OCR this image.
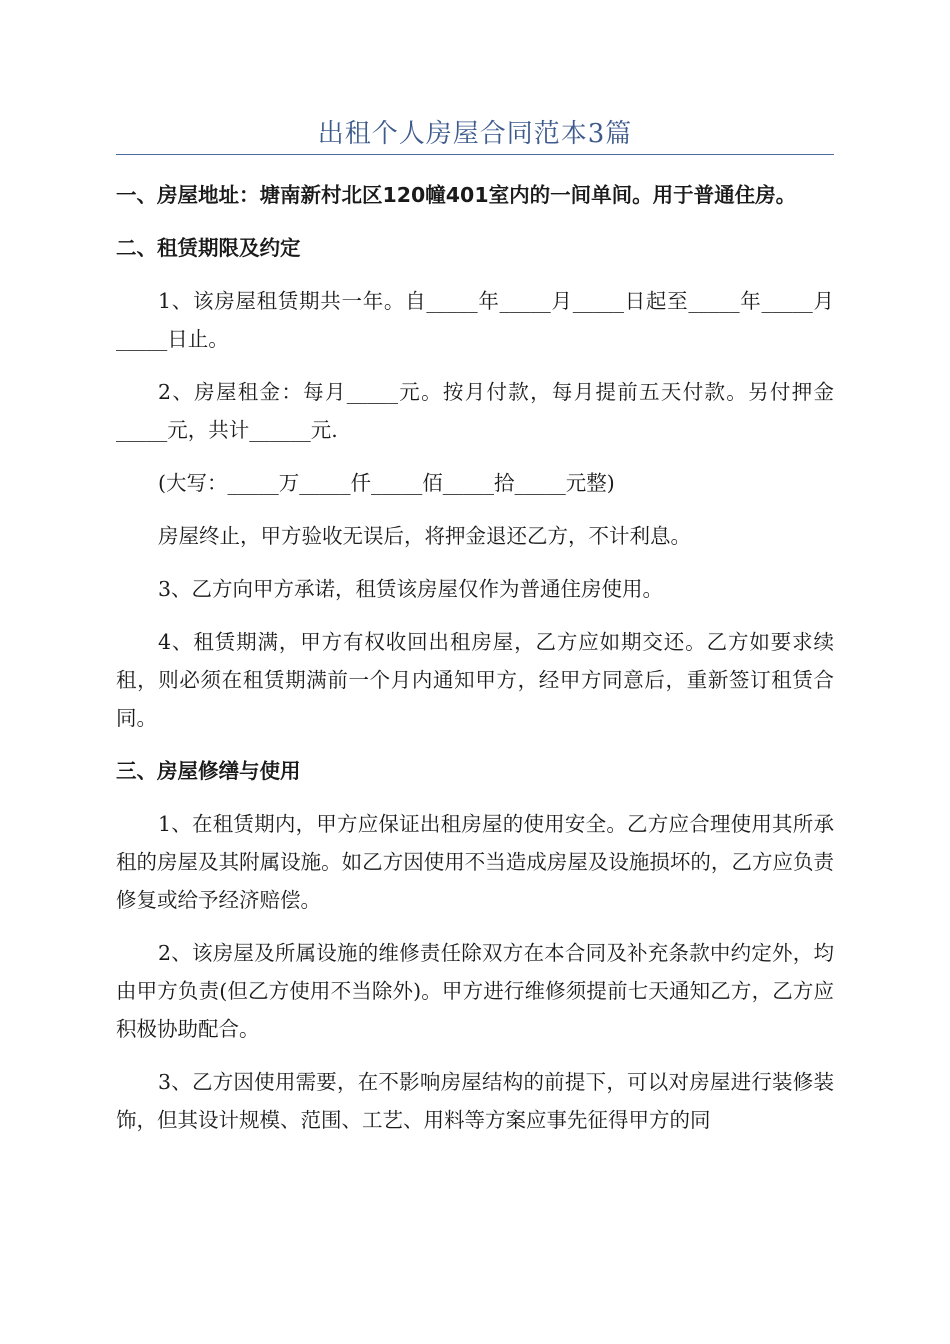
出租个人房屋合同范本3篇

一、房屋地址：塘南新村北区120幢401室内的一间单间。用于普通住房。

二、租赁期限及约定

1、该房屋租赁期共一年。自_____年_____月_____日起至_____年_____月_____日止。

2、房屋租金：每月_____元。按月付款，每月提前五天付款。另付押金_____元，共计______元.

(大写：_____万_____仟_____佰_____拾_____元整)

房屋终止，甲方验收无误后，将押金退还乙方，不计利息。

3、乙方向甲方承诺，租赁该房屋仅作为普通住房使用。

4、租赁期满，甲方有权收回出租房屋，乙方应如期交还。乙方如要求续租，则必须在租赁期满前一个月内通知甲方，经甲方同意后，重新签订租赁合同。

三、房屋修缮与使用

1、在租赁期内，甲方应保证出租房屋的使用安全。乙方应合理使用其所承租的房屋及其附属设施。如乙方因使用不当造成房屋及设施损坏的，乙方应负责修复或给予经济赔偿。

2、该房屋及所属设施的维修责任除双方在本合同及补充条款中约定外，均由甲方负责(但乙方使用不当除外)。甲方进行维修须提前七天通知乙方，乙方应积极协助配合。

3、乙方因使用需要，在不影响房屋结构的前提下，可以对房屋进行装修装饰，但其设计规模、范围、工艺、用料等方案应事先征得甲方的同
